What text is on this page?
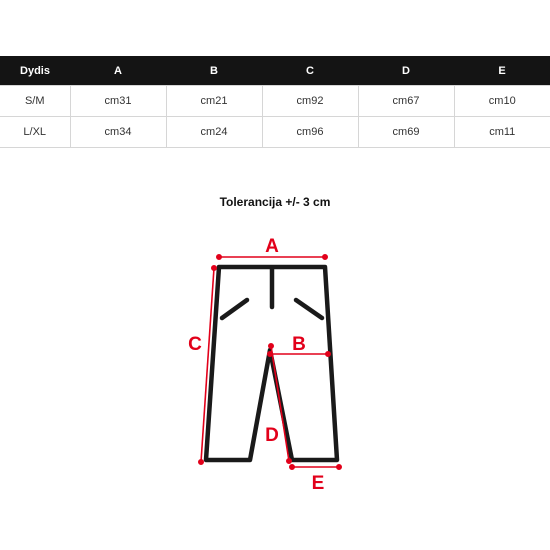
Dydis	A	B	C	D	E
S/M	cm31	cm21	cm92	cm67	cm10
L/XL	cm34	cm24	cm96	cm69	cm11
Tolerancija +/- 3 cm
A
B
C
D
E
